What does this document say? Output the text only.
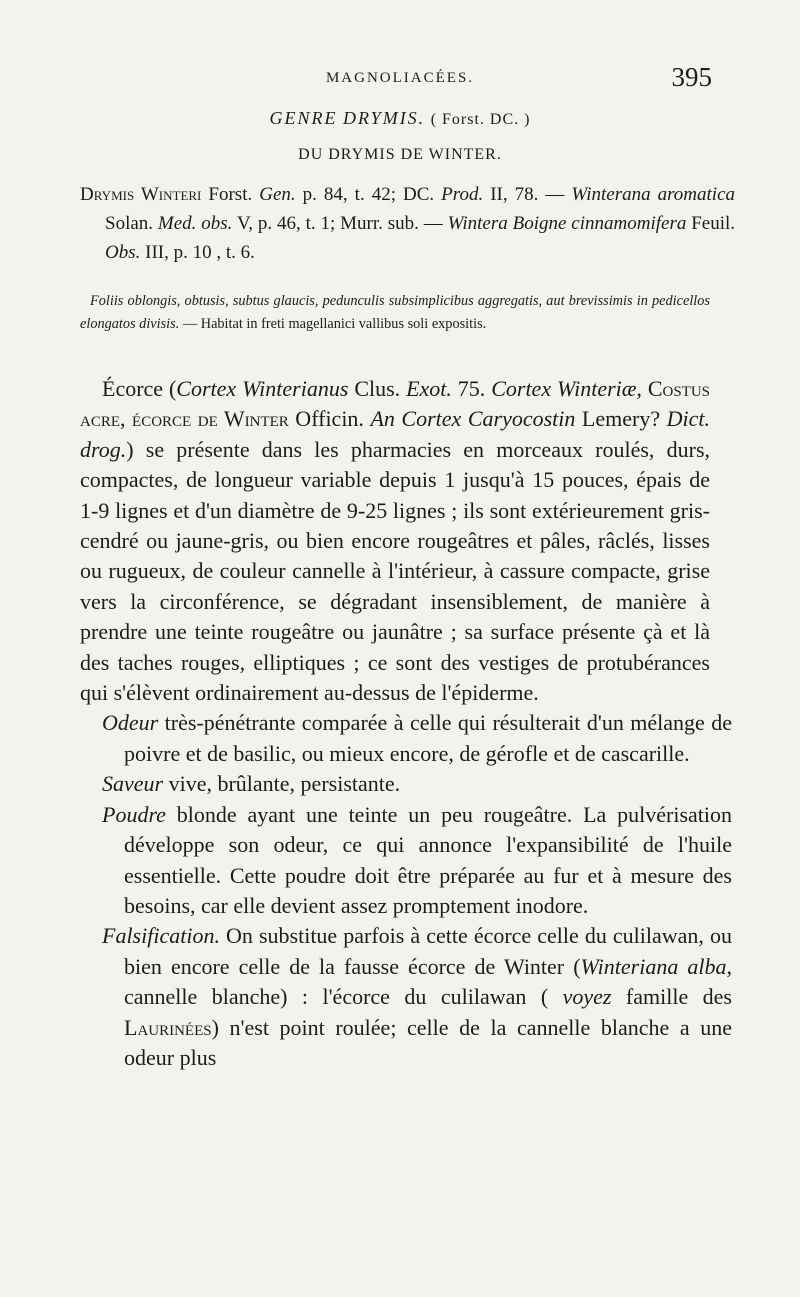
MAGNOLIACÉES.	395
GENRE DRYMIS. ( Forst. DC. )
DU DRYMIS DE WINTER.
Drymis Winteri Forst. Gen. p. 84, t. 42; DC. Prod. II, 78. — Winterana aromatica Solan. Med. obs. V, p. 46, t. 1; Murr. sub. — Wintera Boigne cinnamomifera Feuil. Obs. III, p. 10 , t. 6.

Foliis oblongis, obtusis, subtus glaucis, pedunculis subsimplicibus aggregatis, aut brevissimis in pedicellos elongatos divisis. — Habitat in freti magellanici vallibus soli expositis.

Écorce (Cortex Winterianus Clus. Exot. 75. Cortex Winteriæ, Costus acre, écorce de Winter Officin. An Cortex Caryocostin Lemery? Dict. drog.) se présente dans les pharmacies en morceaux roulés, durs, compactes, de longueur variable depuis 1 jusqu'à 15 pouces, épais de 1-9 lignes et d'un diamètre de 9-25 lignes ; ils sont extérieurement gris-cendré ou jaune-gris, ou bien encore rougeâtres et pâles, râclés, lisses ou rugueux, de couleur cannelle à l'intérieur, à cassure compacte, grise vers la circonférence, se dégradant insensiblement, de manière à prendre une teinte rougeâtre ou jaunâtre ; sa surface présente çà et là des taches rouges, elliptiques ; ce sont des vestiges de protubérances qui s'élèvent ordinairement au-dessus de l'épiderme.

Odeur très-pénétrante comparée à celle qui résulterait d'un mélange de poivre et de basilic, ou mieux encore, de gérofle et de cascarille.

Saveur vive, brûlante, persistante.

Poudre blonde ayant une teinte un peu rougeâtre. La pulvérisation développe son odeur, ce qui annonce l'expansibilité de l'huile essentielle. Cette poudre doit être préparée au fur et à mesure des besoins, car elle devient assez promptement inodore.

Falsification. On substitue parfois à cette écorce celle du culilawan, ou bien encore celle de la fausse écorce de Winter (Winteriana alba, cannelle blanche) : l'écorce du culilawan ( voyez famille des Laurinées) n'est point roulée; celle de la cannelle blanche a une odeur plus
